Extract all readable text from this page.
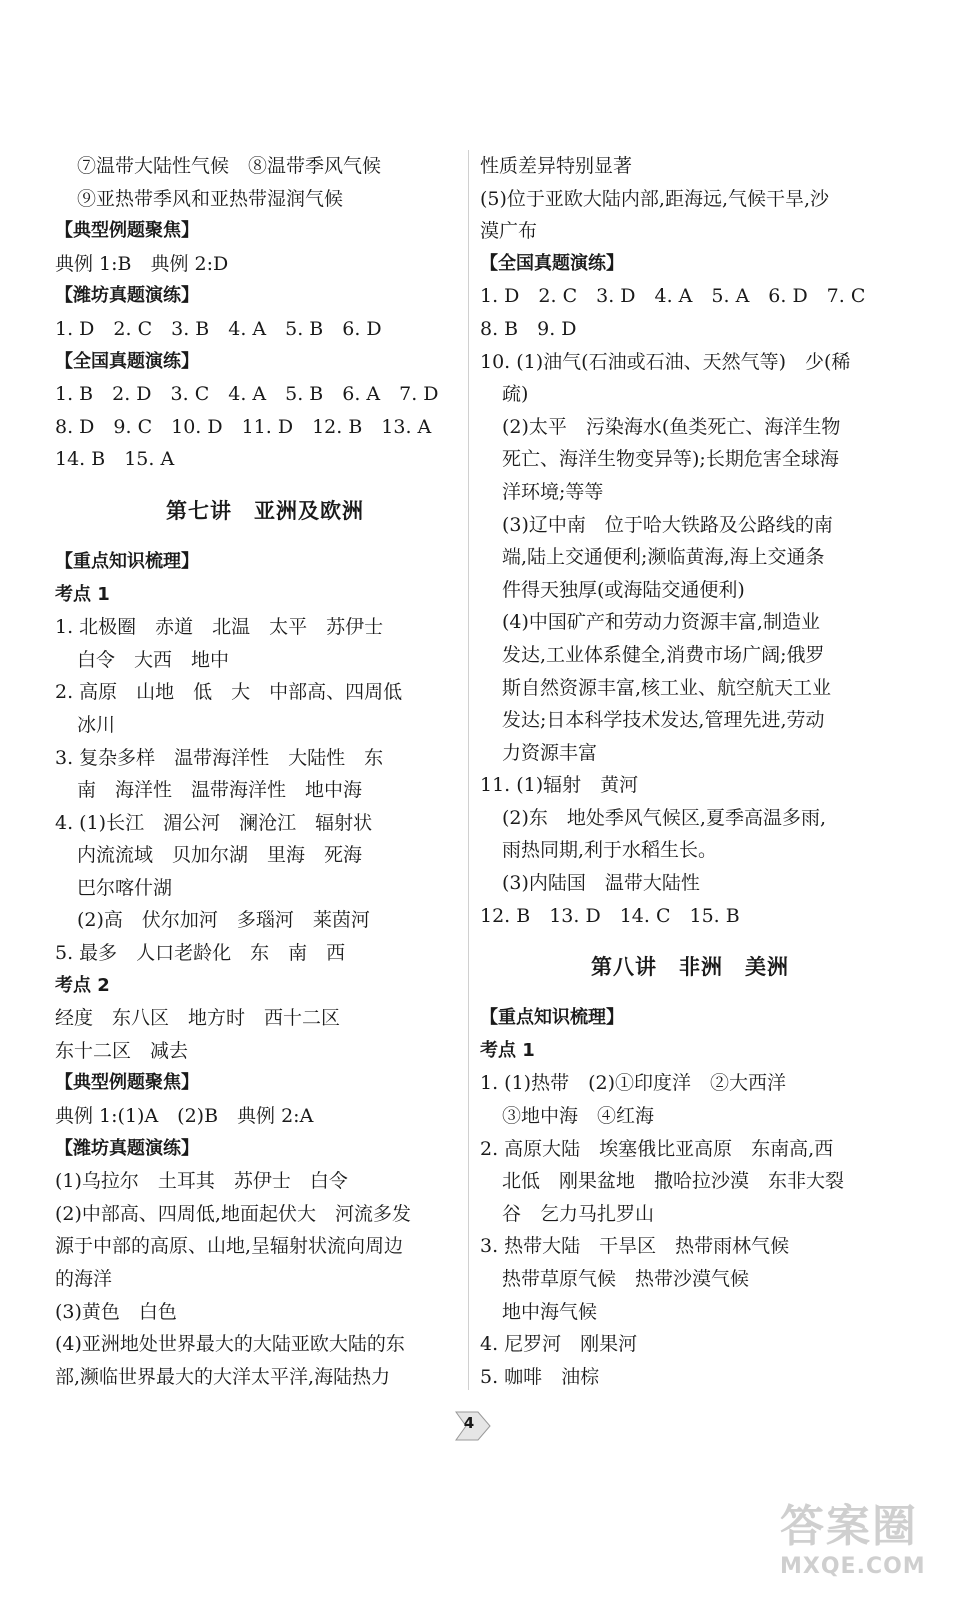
⑦温带大陆性气候　⑧温带季风气候
⑨亚热带季风和亚热带湿润气候
【典型例题聚焦】
典例 1:B　典例 2:D
【潍坊真题演练】
1. D　2. C　3. B　4. A　5. B　6. D
【全国真题演练】
1. B　2. D　3. C　4. A　5. B　6. A　7. D
8. D　9. C　10. D　11. D　12. B　13. A
14. B　15. A
第七讲　亚洲及欧洲
【重点知识梳理】
考点 1
1. 北极圈　赤道　北温　太平　苏伊士
白令　大西　地中
2. 高原　山地　低　大　中部高、四周低
冰川
3. 复杂多样　温带海洋性　大陆性　东
南　海洋性　温带海洋性　地中海
4. (1)长江　湄公河　澜沧江　辐射状
内流流域　贝加尔湖　里海　死海
巴尔喀什湖
(2)高　伏尔加河　多瑙河　莱茵河
5. 最多　人口老龄化　东　南　西
考点 2
经度　东八区　地方时　西十二区
东十二区　减去
【典型例题聚焦】
典例 1:(1)A　(2)B　典例 2:A
【潍坊真题演练】
(1)乌拉尔　土耳其　苏伊士　白令
(2)中部高、四周低,地面起伏大　河流多发
源于中部的高原、山地,呈辐射状流向周边
的海洋
(3)黄色　白色
(4)亚洲地处世界最大的大陆亚欧大陆的东
部,濒临世界最大的大洋太平洋,海陆热力
性质差异特别显著
(5)位于亚欧大陆内部,距海远,气候干旱,沙
漠广布
【全国真题演练】
1. D　2. C　3. D　4. A　5. A　6. D　7. C
8. B　9. D
10. (1)油气(石油或石油、天然气等)　少(稀
疏)
(2)太平　污染海水(鱼类死亡、海洋生物
死亡、海洋生物变异等);长期危害全球海
洋环境;等等
(3)辽中南　位于哈大铁路及公路线的南
端,陆上交通便利;濒临黄海,海上交通条
件得天独厚(或海陆交通便利)
(4)中国矿产和劳动力资源丰富,制造业
发达,工业体系健全,消费市场广阔;俄罗
斯自然资源丰富,核工业、航空航天工业
发达;日本科学技术发达,管理先进,劳动
力资源丰富
11. (1)辐射　黄河
(2)东　地处季风气候区,夏季高温多雨,
雨热同期,利于水稻生长。
(3)内陆国　温带大陆性
12. B　13. D　14. C　15. B
第八讲　非洲　美洲
【重点知识梳理】
考点 1
1. (1)热带　(2)①印度洋　②大西洋
③地中海　④红海
2. 高原大陆　埃塞俄比亚高原　东南高,西
北低　刚果盆地　撒哈拉沙漠　东非大裂
谷　乞力马扎罗山
3. 热带大陆　干旱区　热带雨林气候
热带草原气候　热带沙漠气候
地中海气候
4. 尼罗河　刚果河
5. 咖啡　油棕
4
答案圈
MXQE.COM
